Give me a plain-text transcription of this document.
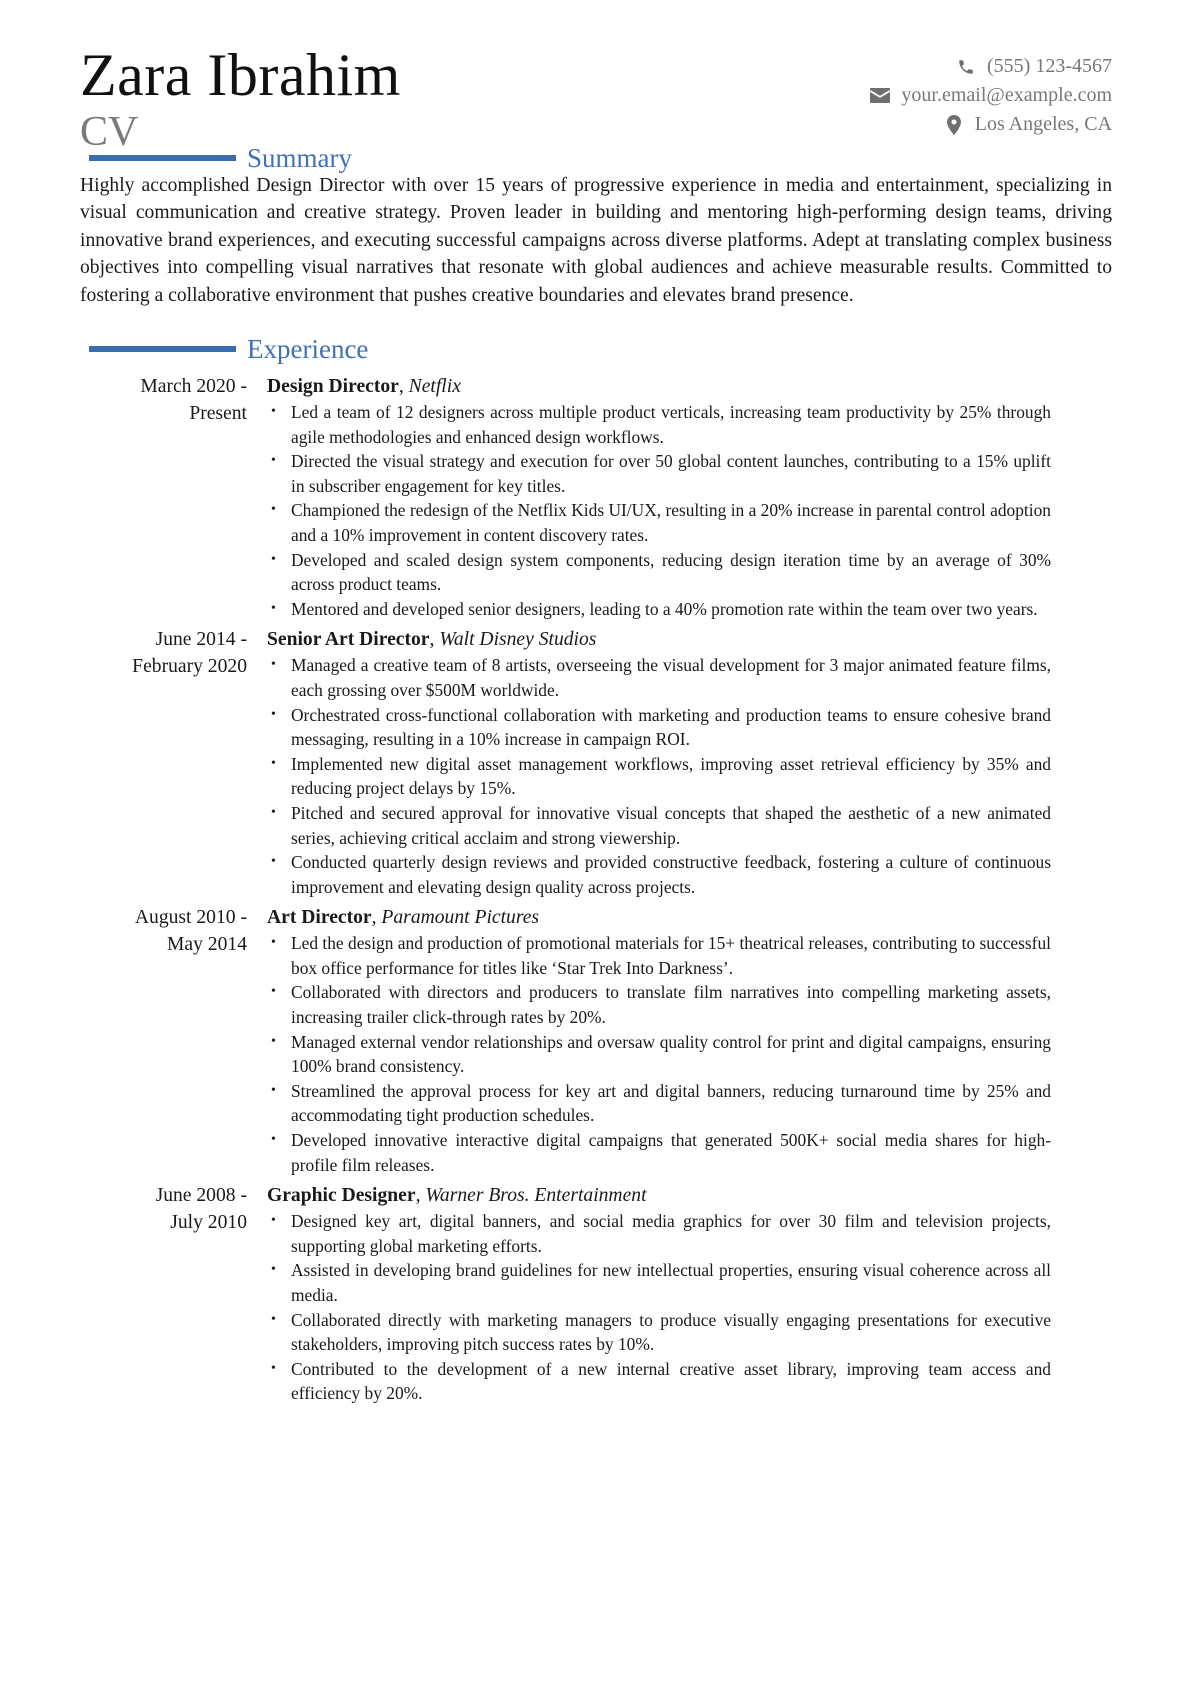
Zara Ibrahim
CV
(555) 123-4567
your.email@example.com
Los Angeles, CA
Summary
Highly accomplished Design Director with over 15 years of progressive experience in media and entertainment, specializing in visual communication and creative strategy. Proven leader in building and mentoring high-performing design teams, driving innovative brand experiences, and executing successful campaigns across diverse platforms. Adept at translating complex business objectives into compelling visual narratives that resonate with global audiences and achieve measurable results. Committed to fostering a collaborative environment that pushes creative boundaries and elevates brand presence.
Experience
March 2020 -
Present
Design Director, Netflix
• Led a team of 12 designers across multiple product verticals, increasing team productivity by 25% through agile methodologies and enhanced design workflows.
• Directed the visual strategy and execution for over 50 global content launches, contributing to a 15% uplift in subscriber engagement for key titles.
• Championed the redesign of the Netflix Kids UI/UX, resulting in a 20% increase in parental control adoption and a 10% improvement in content discovery rates.
• Developed and scaled design system components, reducing design iteration time by an average of 30% across product teams.
• Mentored and developed senior designers, leading to a 40% promotion rate within the team over two years.
June 2014 -
February 2020
Senior Art Director, Walt Disney Studios
• Managed a creative team of 8 artists, overseeing the visual development for 3 major animated feature films, each grossing over $500M worldwide.
• Orchestrated cross-functional collaboration with marketing and production teams to ensure cohesive brand messaging, resulting in a 10% increase in campaign ROI.
• Implemented new digital asset management workflows, improving asset retrieval efficiency by 35% and reducing project delays by 15%.
• Pitched and secured approval for innovative visual concepts that shaped the aesthetic of a new animated series, achieving critical acclaim and strong viewership.
• Conducted quarterly design reviews and provided constructive feedback, fostering a culture of continuous improvement and elevating design quality across projects.
August 2010 -
May 2014
Art Director, Paramount Pictures
• Led the design and production of promotional materials for 15+ theatrical releases, contributing to successful box office performance for titles like ‘Star Trek Into Darkness’.
• Collaborated with directors and producers to translate film narratives into compelling marketing assets, increasing trailer click-through rates by 20%.
• Managed external vendor relationships and oversaw quality control for print and digital campaigns, ensuring 100% brand consistency.
• Streamlined the approval process for key art and digital banners, reducing turnaround time by 25% and accommodating tight production schedules.
• Developed innovative interactive digital campaigns that generated 500K+ social media shares for high-profile film releases.
June 2008 -
July 2010
Graphic Designer, Warner Bros. Entertainment
• Designed key art, digital banners, and social media graphics for over 30 film and television projects, supporting global marketing efforts.
• Assisted in developing brand guidelines for new intellectual properties, ensuring visual coherence across all media.
• Collaborated directly with marketing managers to produce visually engaging presentations for executive stakeholders, improving pitch success rates by 10%.
• Contributed to the development of a new internal creative asset library, improving team access and efficiency by 20%.
